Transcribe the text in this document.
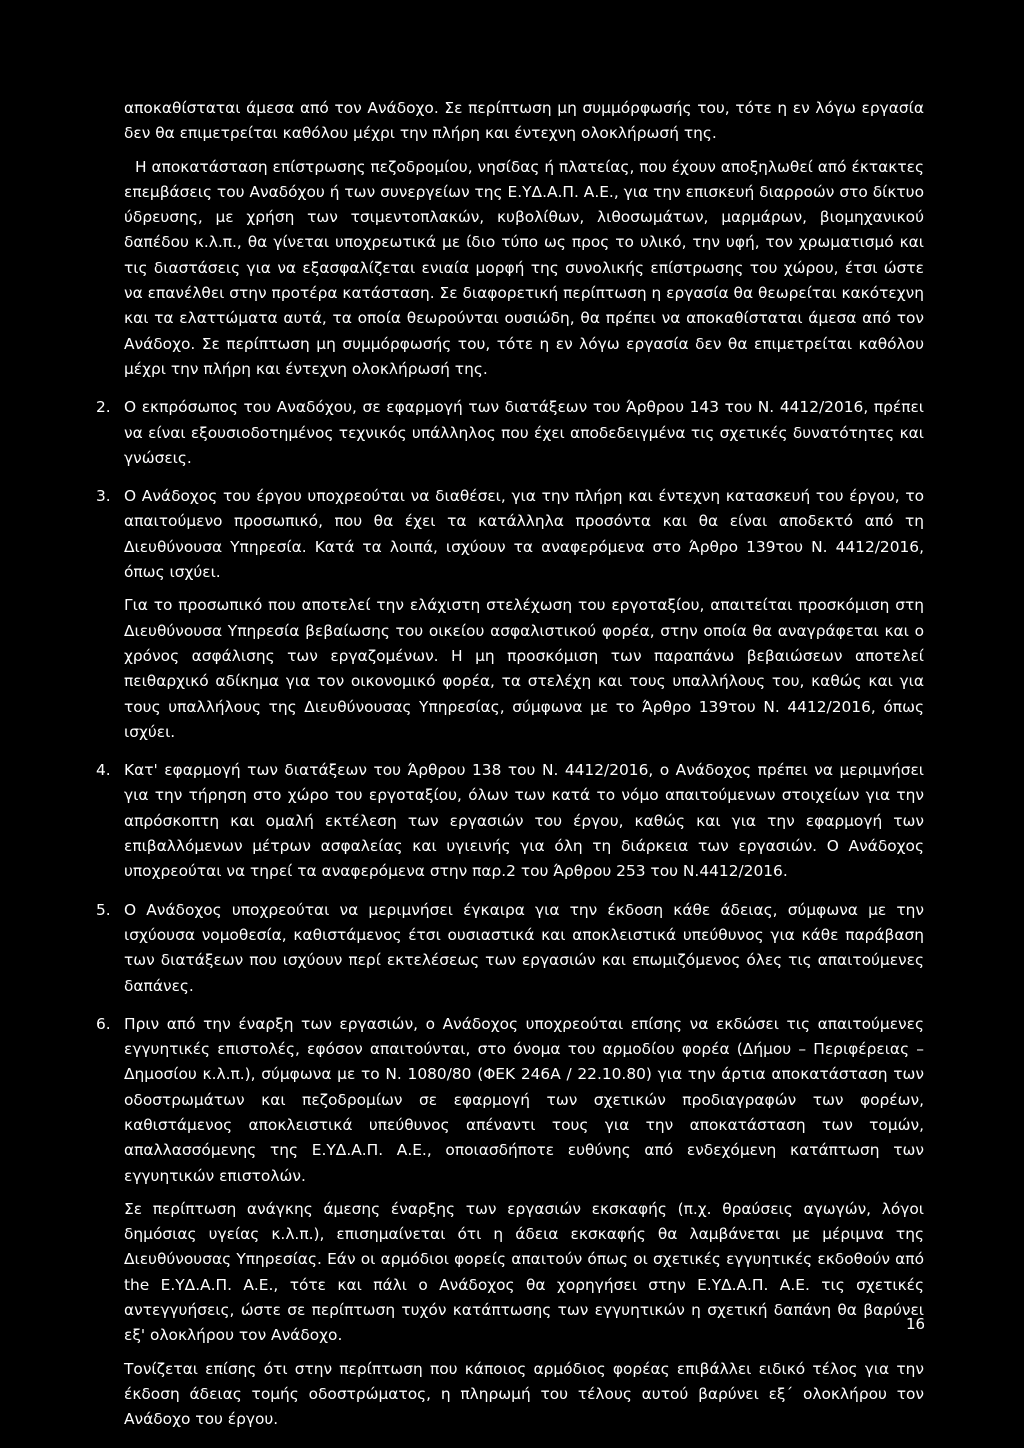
αποκαθίσταται άμεσα από τον Ανάδοχο. Σε περίπτωση μη συμμόρφωσής του, τότε η εν λόγω εργασία δεν θα επιμετρείται καθόλου μέχρι την πλήρη και έντεχνη ολοκλήρωσή της.

Η αποκατάσταση επίστρωσης πεζοδρομίου, νησίδας ή πλατείας, που έχουν αποξηλωθεί από έκτακτες επεμβάσεις του Αναδόχου ή των συνεργείων της Ε.ΥΔ.Α.Π. Α.Ε., για την επισκευή διαρροών στο δίκτυο ύδρευσης, με χρήση των τσιμεντοπλακών, κυβολίθων, λιθοσωμάτων, μαρμάρων, βιομηχανικού δαπέδου κ.λ.π., θα γίνεται υποχρεωτικά με ίδιο τύπο ως προς το υλικό, την υφή, τον χρωματισμό και τις διαστάσεις για να εξασφαλίζεται ενιαία μορφή της συνολικής επίστρωσης του χώρου, έτσι ώστε να επανέλθει στην προτέρα κατάσταση. Σε διαφορετική περίπτωση η εργασία θα θεωρείται κακότεχνη και τα ελαττώματα αυτά, τα οποία θεωρούνται ουσιώδη, θα πρέπει να αποκαθίσταται άμεσα από τον Ανάδοχο. Σε περίπτωση μη συμμόρφωσής του, τότε η εν λόγω εργασία δεν θα επιμετρείται καθόλου μέχρι την πλήρη και έντεχνη ολοκλήρωσή της.

2. Ο εκπρόσωπος του Αναδόχου, σε εφαρμογή των διατάξεων του Άρθρου 143 του Ν. 4412/2016, πρέπει να είναι εξουσιοδοτημένος τεχνικός υπάλληλος που έχει αποδεδειγμένα τις σχετικές δυνατότητες και γνώσεις.

3. Ο Ανάδοχος του έργου υποχρεούται να διαθέσει, για την πλήρη και έντεχνη κατασκευή του έργου, το απαιτούμενο προσωπικό, που θα έχει τα κατάλληλα προσόντα και θα είναι αποδεκτό από τη Διευθύνουσα Υπηρεσία. Κατά τα λοιπά, ισχύουν τα αναφερόμενα στο Άρθρο 139του Ν. 4412/2016, όπως ισχύει.

Για το προσωπικό που αποτελεί την ελάχιστη στελέχωση του εργοταξίου, απαιτείται προσκόμιση στη Διευθύνουσα Υπηρεσία βεβαίωσης του οικείου ασφαλιστικού φορέα, στην οποία θα αναγράφεται και ο χρόνος ασφάλισης των εργαζομένων. Η μη προσκόμιση των παραπάνω βεβαιώσεων αποτελεί πειθαρχικό αδίκημα για τον οικονομικό φορέα, τα στελέχη και τους υπαλλήλους του, καθώς και για τους υπαλλήλους της Διευθύνουσας Υπηρεσίας, σύμφωνα με το Άρθρο 139του Ν. 4412/2016, όπως ισχύει.

4. Κατ' εφαρμογή των διατάξεων του Άρθρου 138 του Ν. 4412/2016, ο Ανάδοχος πρέπει να μεριμνήσει για την τήρηση στο χώρο του εργοταξίου, όλων των κατά το νόμο απαιτούμενων στοιχείων για την απρόσκοπτη και ομαλή εκτέλεση των εργασιών του έργου, καθώς και για την εφαρμογή των επιβαλλόμενων μέτρων ασφαλείας και υγιεινής για όλη τη διάρκεια των εργασιών. Ο Ανάδοχος υποχρεούται να τηρεί τα αναφερόμενα στην παρ.2 του Άρθρου 253 του Ν.4412/2016.

5. Ο Ανάδοχος υποχρεούται να μεριμνήσει έγκαιρα για την έκδοση κάθε άδειας, σύμφωνα με την ισχύουσα νομοθεσία, καθιστάμενος έτσι ουσιαστικά και αποκλειστικά υπεύθυνος για κάθε παράβαση των διατάξεων που ισχύουν περί εκτελέσεως των εργασιών και επωμιζόμενος όλες τις απαιτούμενες δαπάνες.

6. Πριν από την έναρξη των εργασιών, ο Ανάδοχος υποχρεούται επίσης να εκδώσει τις απαιτούμενες εγγυητικές επιστολές, εφόσον απαιτούνται, στο όνομα του αρμοδίου φορέα (Δήμου – Περιφέρειας – Δημοσίου κ.λ.π.), σύμφωνα με το Ν. 1080/80 (ΦΕΚ 246Α / 22.10.80) για την άρτια αποκατάσταση των οδοστρωμάτων και πεζοδρομίων σε εφαρμογή των σχετικών προδιαγραφών των φορέων, καθιστάμενος αποκλειστικά υπεύθυνος απέναντι τους για την αποκατάσταση των τομών, απαλλασσόμενης της Ε.ΥΔ.Α.Π. Α.Ε., οποιασδήποτε ευθύνης από ενδεχόμενη κατάπτωση των εγγυητικών επιστολών.

Σε περίπτωση ανάγκης άμεσης έναρξης των εργασιών εκσκαφής (π.χ. θραύσεις αγωγών, λόγοι δημόσιας υγείας κ.λ.π.), επισημαίνεται ότι η άδεια εκσκαφής θα λαμβάνεται με μέριμνα της Διευθύνουσας Υπηρεσίας. Εάν οι αρμόδιοι φορείς απαιτούν όπως οι σχετικές εγγυητικές εκδοθούν από the Ε.ΥΔ.Α.Π. Α.Ε., τότε και πάλι ο Ανάδοχος θα χορηγήσει στην Ε.ΥΔ.Α.Π. Α.Ε. τις σχετικές αντεγγυήσεις, ώστε σε περίπτωση τυχόν κατάπτωσης των εγγυητικών η σχετική δαπάνη θα βαρύνει εξ' ολοκλήρου τον Ανάδοχο.

Τονίζεται επίσης ότι στην περίπτωση που κάποιος αρμόδιος φορέας επιβάλλει ειδικό τέλος για την έκδοση άδειας τομής οδοστρώματος, η πληρωμή του τέλους αυτού βαρύνει εξ΄ ολοκλήρου τον Ανάδοχο του έργου.

16
